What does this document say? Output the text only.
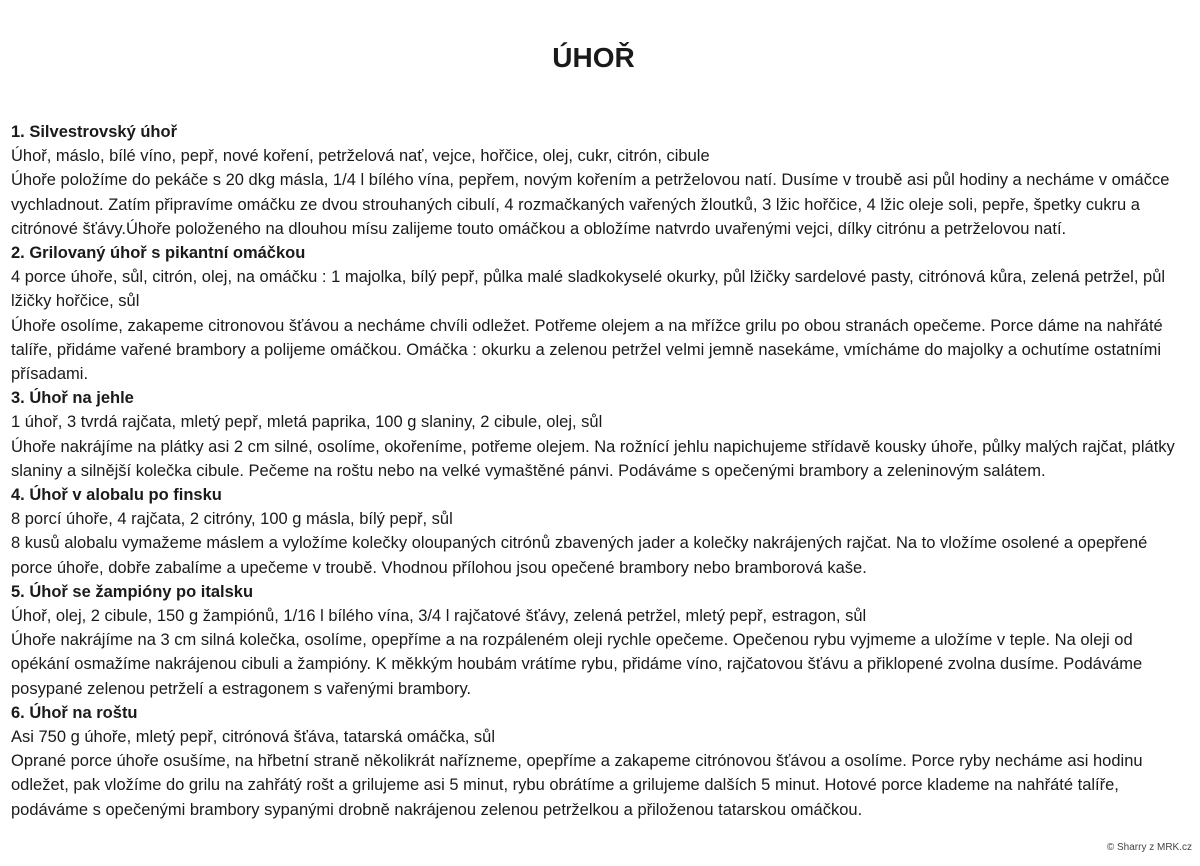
ÚHOŘ
1. Silvestrovský úhoř
Úhoř, máslo, bílé víno, pepř, nové koření, petrželová nať, vejce, hořčice, olej, cukr, citrón, cibule
Úhoře položíme do pekáče s 20 dkg másla, 1/4 l bílého vína, pepřem, novým kořením a petrželovou natí. Dusíme v troubě asi půl hodiny a necháme v omáčce vychladnout. Zatím připravíme omáčku ze dvou strouhaných cibulí, 4 rozmačkaných vařených žloutků, 3 lžic hořčice, 4 lžic oleje soli, pepře, špetky cukru a citrónové šťávy.Úhoře položeného na dlouhou mísu zalijeme touto omáčkou a obložíme natvrdo uvařenými vejci, dílky citrónu a petrželovou natí.
2. Grilovaný úhoř s pikantní omáčkou
4 porce úhoře, sůl, citrón, olej, na omáčku : 1 majolka, bílý pepř, půlka malé sladkokyselé okurky, půl lžičky sardelové pasty, citrónová kůra, zelená petržel, půl lžičky hořčice, sůl
Úhoře osolíme, zakapeme citronovou šťávou a necháme chvíli odležet. Potřeme olejem a na mřížce grilu po obou stranách opečeme. Porce dáme na nahřáté talíře, přidáme vařené brambory a polijeme omáčkou. Omáčka : okurku a zelenou petržel velmi jemně nasekáme, vmícháme do majolky a ochutíme ostatními přísadami.
3. Úhoř na jehle
1 úhoř, 3 tvrdá rajčata, mletý pepř, mletá paprika, 100 g slaniny, 2 cibule, olej, sůl
Úhoře nakrájíme na plátky asi 2 cm silné, osolíme, okořeníme, potřeme olejem. Na rožnící jehlu napichujeme střídavě kousky úhoře, půlky malých rajčat, plátky slaniny a silnější kolečka cibule. Pečeme na roštu nebo na velké vymaštěné pánvi. Podáváme s opečenými brambory a zeleninovým salátem.
4. Úhoř v alobalu po finsku
8 porcí úhoře, 4 rajčata, 2 citróny, 100 g másla, bílý pepř, sůl
8 kusů alobalu vymažeme máslem a vyložíme kolečky oloupaných citrónů zbavených jader a kolečky nakrájených rajčat. Na to vložíme osolené a opepřené porce úhoře, dobře zabalíme a upečeme v troubě. Vhodnou přílohou jsou opečené brambory nebo bramborová kaše.
5. Úhoř se žampióny po italsku
Úhoř, olej, 2 cibule, 150 g žampiónů, 1/16 l bílého vína, 3/4 l rajčatové šťávy, zelená petržel, mletý pepř, estragon, sůl
Úhoře nakrájíme na 3 cm silná kolečka, osolíme, opepříme a na rozpáleném oleji rychle opečeme. Opečenou rybu vyjmeme a uložíme v teple. Na oleji od opékání osmažíme nakrájenou cibuli a žampióny. K měkkým houbám vrátíme rybu, přidáme víno, rajčatovou šťávu a přiklopené zvolna dusíme. Podáváme posypané zelenou petrželí a estragonem s vařenými brambory.
6. Úhoř na roštu
Asi 750 g úhoře, mletý pepř, citrónová šťáva, tatarská omáčka, sůl
Oprané porce úhoře osušíme, na hřbetní straně několikrát nařízneme, opepříme a zakapeme citrónovou šťávou a osolíme. Porce ryby necháme asi hodinu odležet, pak vložíme do grilu na zahřátý rošt a grilujeme asi 5 minut, rybu obrátíme a grilujeme dalších 5 minut. Hotové porce klademe na nahřáté talíře, podáváme s opečenými brambory sypanými drobně nakrájenou zelenou petrželkou a přiloženou tatarskou omáčkou.
© Sharry z MRK.cz
